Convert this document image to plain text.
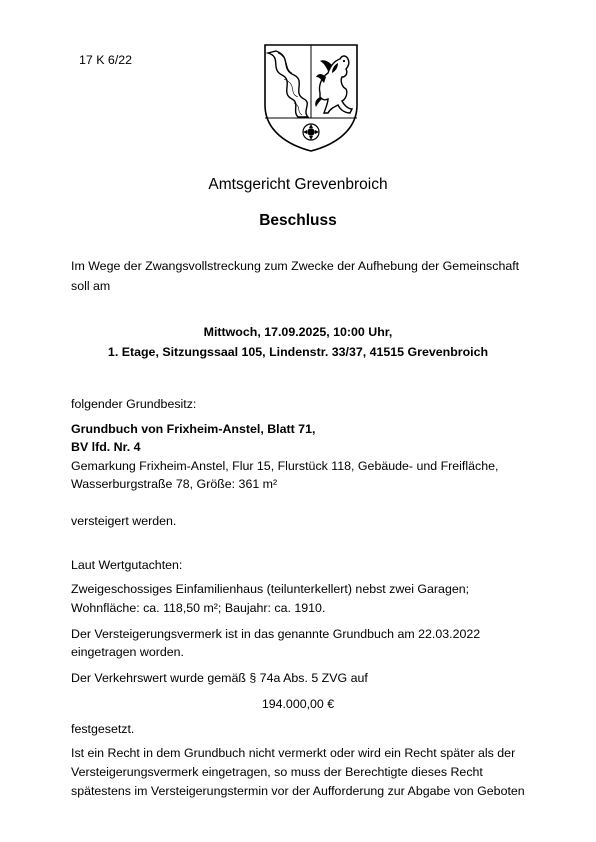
17 K 6/22
Amtsgericht Grevenbroich
Beschluss
Im Wege der Zwangsvollstreckung zum Zwecke der Aufhebung der Gemeinschaft
soll am
Mittwoch, 17.09.2025, 10:00 Uhr,
1. Etage, Sitzungssaal 105, Lindenstr. 33/37, 41515 Grevenbroich
folgender Grundbesitz:
Grundbuch von Frixheim-Anstel, Blatt 71,
BV lfd. Nr. 4
Gemarkung Frixheim-Anstel, Flur 15, Flurstück 118, Gebäude- und Freifläche,
Wasserburgstraße 78, Größe: 361 m²
versteigert werden.
Laut Wertgutachten:
Zweigeschossiges Einfamilienhaus (teilunterkellert) nebst zwei Garagen;
Wohnfläche: ca. 118,50 m²; Baujahr: ca. 1910.
Der Versteigerungsvermerk ist in das genannte Grundbuch am 22.03.2022
eingetragen worden.
Der Verkehrswert wurde gemäß § 74a Abs. 5 ZVG auf
194.000,00 €
festgesetzt.
Ist ein Recht in dem Grundbuch nicht vermerkt oder wird ein Recht später als der
Versteigerungsvermerk eingetragen, so muss der Berechtigte dieses Recht
spätestens im Versteigerungstermin vor der Aufforderung zur Abgabe von Geboten
